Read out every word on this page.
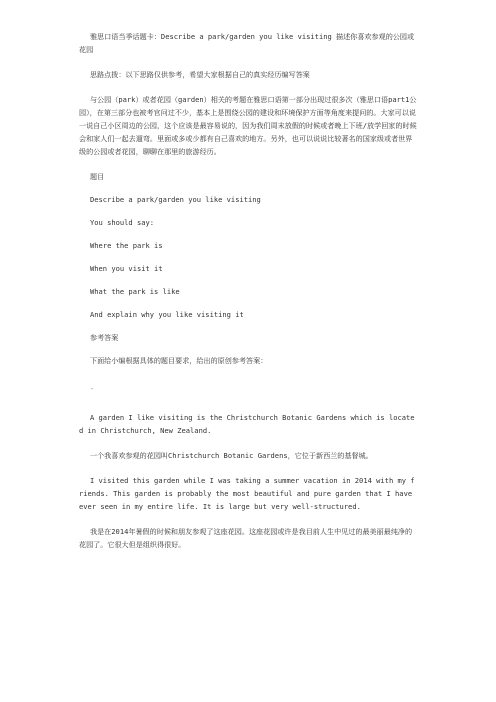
雅思口语当季话题卡：Describe a park/garden you like visiting 描述你喜欢参观的公园或花园

思路点拨：以下思路仅供参考，希望大家根据自己的真实经历编写答案

与公园（park）或者花园（garden）相关的考题在雅思口语第一部分出现过很多次（雅思口语part1公园），在第三部分也被考官问过不少，基本上是围绕公园的建设和环境保护方面等角度来提问的。大家可以说一说自己小区周边的公园，这个应该是最容易说的，因为我们周末放假的时候或者晚上下班/放学回家的时候会和家人们一起去遛弯。里面或多或少都有自己喜欢的地方。另外，也可以说说比较著名的国家级或者世界级的公园或者花园，聊聊在那里的旅游经历。

题目

Describe a park/garden you like visiting

You should say:

Where the park is

When you visit it

What the park is like

And explain why you like visiting it

参考答案

下面给小编根据具体的题目要求，给出的原创参考答案：

-

A garden I like visiting is the Christchurch Botanic Gardens which is located in Christchurch, New Zealand.

一个我喜欢参观的花园叫Christchurch Botanic Gardens，它位于新西兰的基督城。

I visited this garden while I was taking a summer vacation in 2014 with my friends. This garden is probably the most beautiful and pure garden that I have ever seen in my entire life. It is large but very well-structured.

我是在2014年暑假的时候和朋友参观了这座花园。这座花园或许是我目前人生中见过的最美丽最纯净的花园了。它很大但是组织得很好。
